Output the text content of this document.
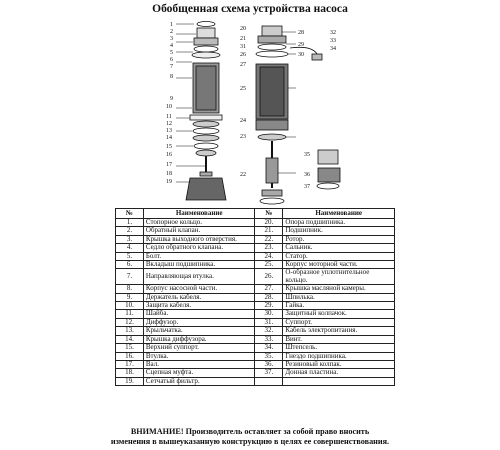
Обобщенная схема устройства насоса
1
2
3
4
5
6
7
8
9
10
11
12
13
14
15
16
17
18
19
20
21
22
23
24
25
26
27
28
29
30
31
32
33
34
35
36
37
№	Наименование	№	Наименование
1.	Стопорное кольцо.	20.	Опора подшипника.
2.	Обратный клапан.	21.	Подшипник.
3.	Крышка выходного отверстия.	22.	Ротор.
4.	Седло обратного клапана.	23.	Сальник.
5.	Болт.	24.	Статор.
6.	Вкладыш подшипника.	25.	Корпус моторной части.
7.	Направляющая втулка.	26.	О-образное уплотнительное кольцо.
8.	Корпус насосной части.	27.	Крышка масляной камеры.
9.	Держатель кабеля.	28.	Шпилька.
10.	Защита кабеля.	29.	Гайка.
11.	Шайба.	30.	Защитный колпачок.
12.	Диффузор.	31.	Суппорт.
13.	Крыльчатка.	32.	Кабель электропитания.
14.	Крышка диффузора.	33.	Винт.
15.	Верхний суппорт.	34.	Штепсель.
16.	Втулка.	35.	Гнездо подшипника.
17.	Вал.	36.	Резиновый колпак.
18.	Сцепная муфта.	37.	Донная пластина.
19.	Сетчатый фильтр.		
ВНИМАНИЕ! Производитель оставляет за собой право вносить
изменения в вышеуказанную конструкцию в целях ее совершенствования.
